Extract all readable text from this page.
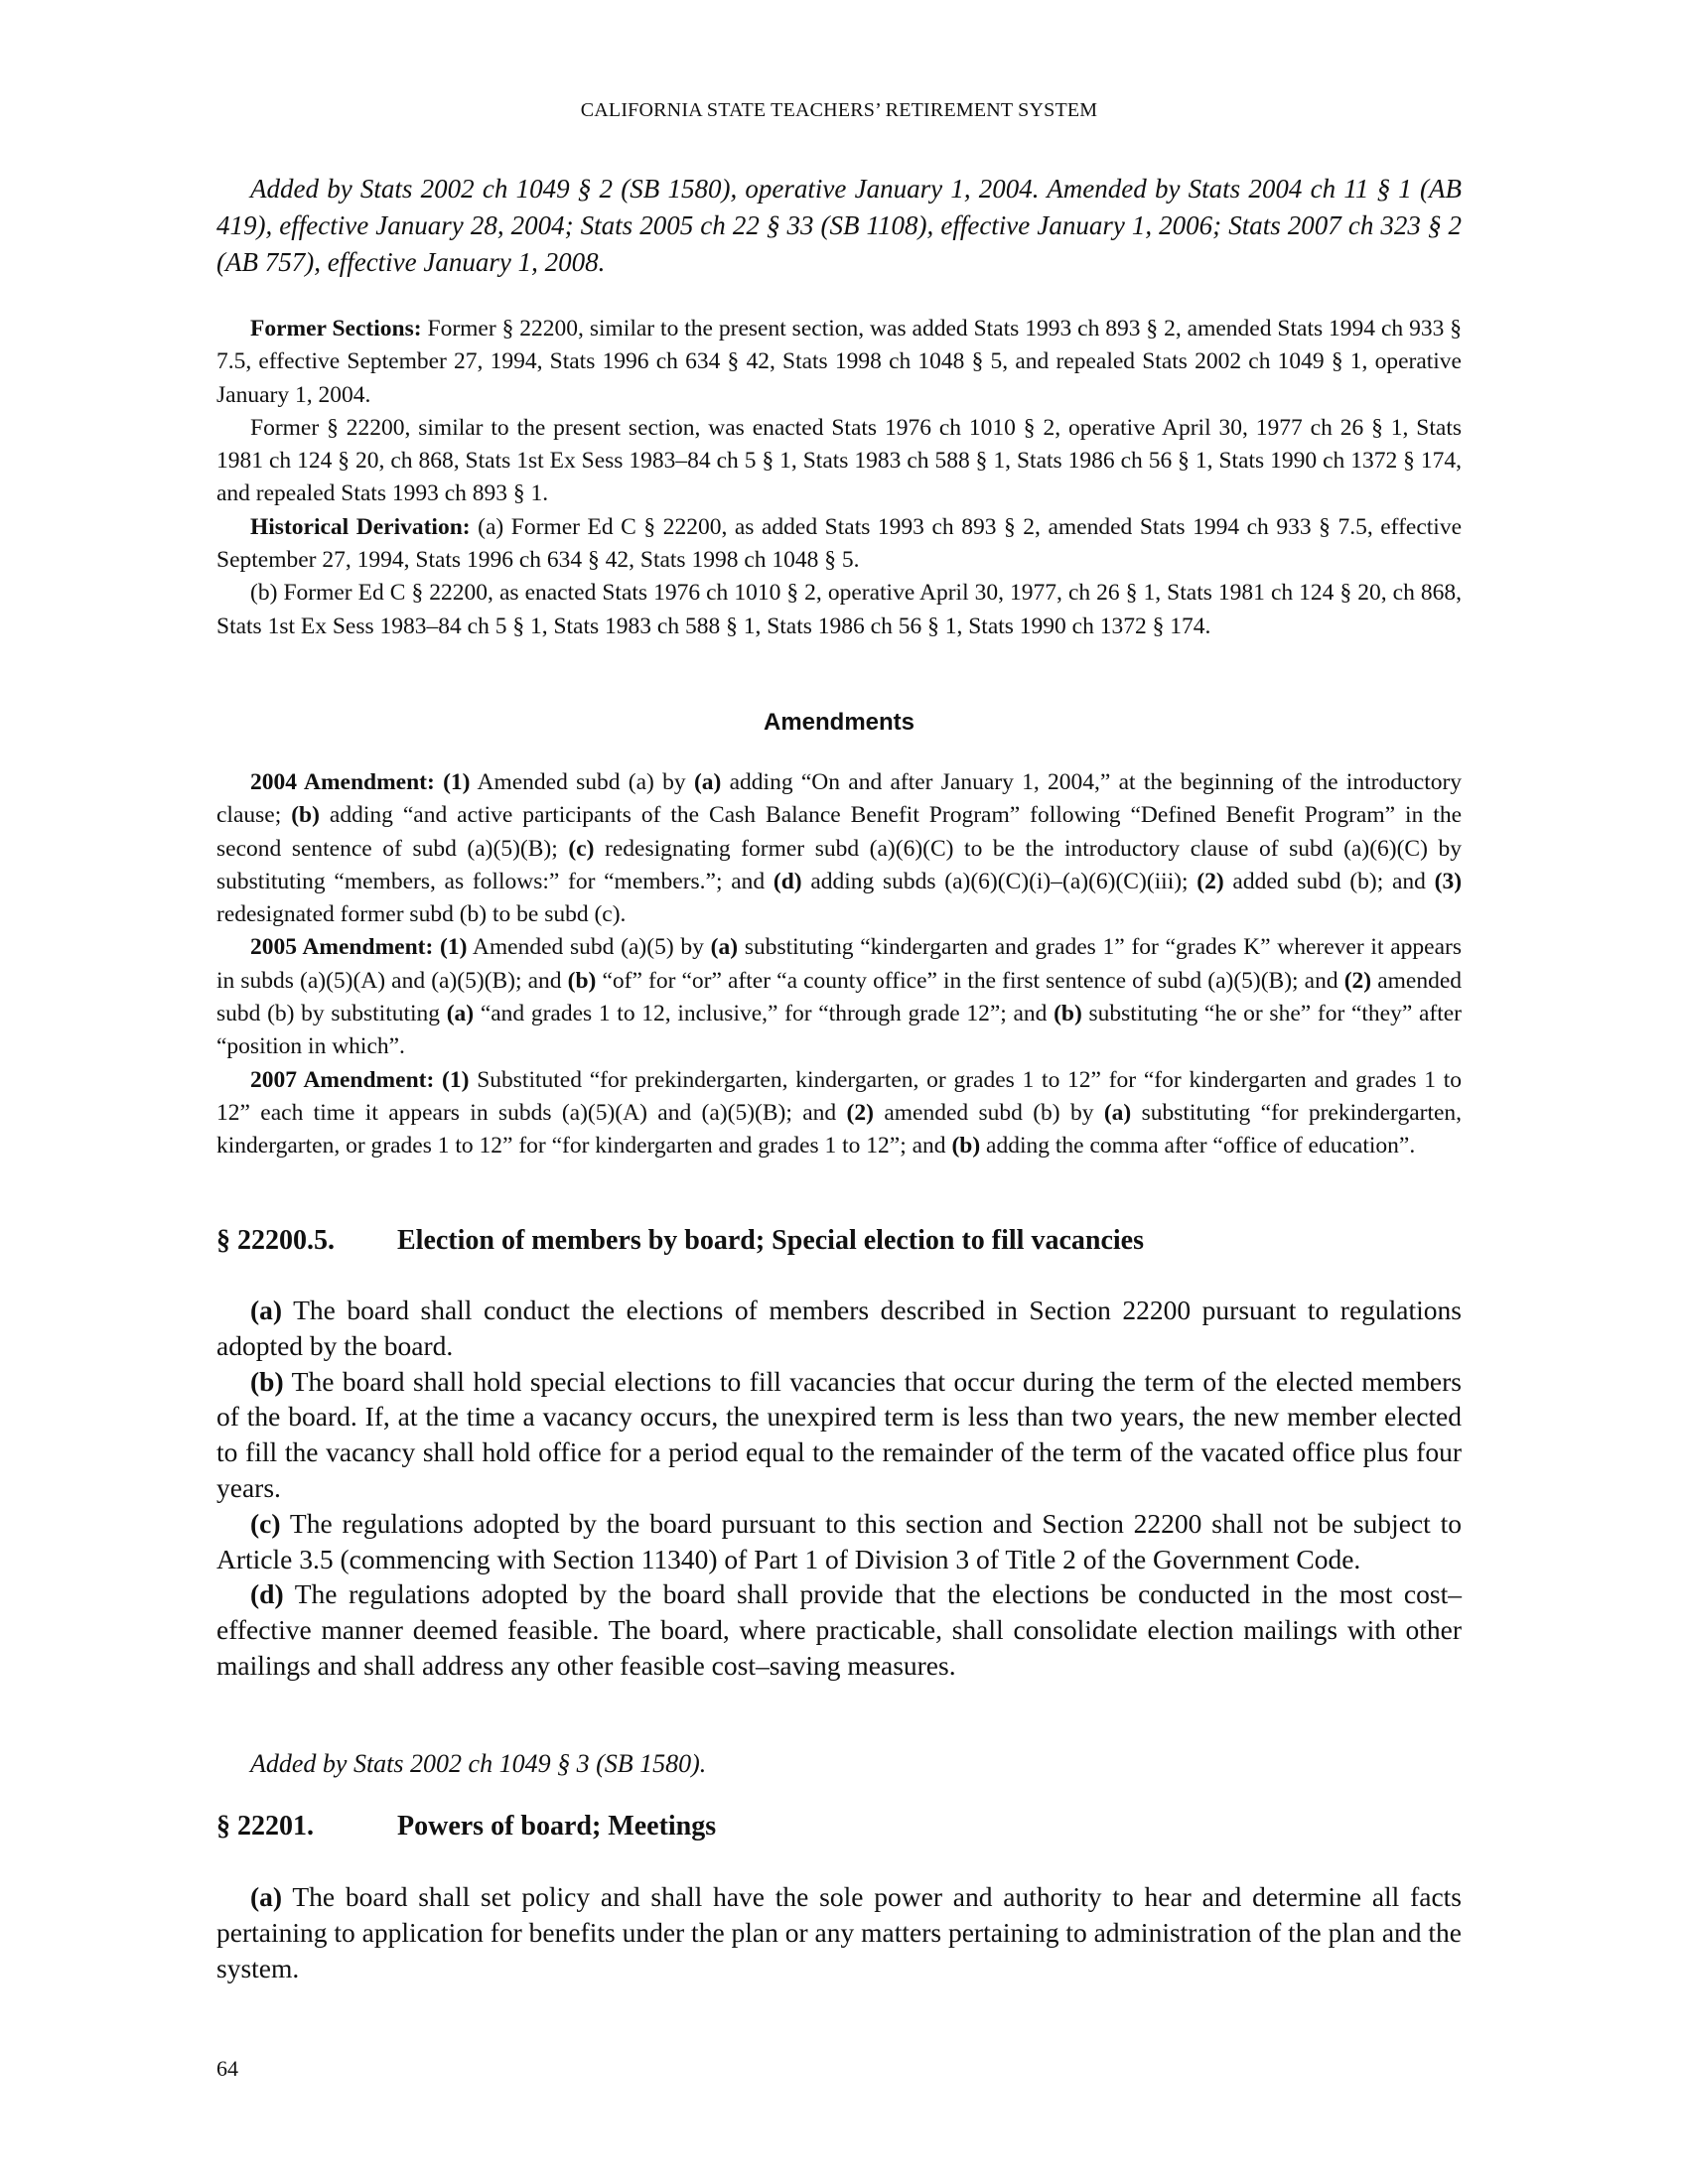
CALIFORNIA STATE TEACHERS’ RETIREMENT SYSTEM

Added by Stats 2002 ch 1049 § 2 (SB 1580), operative January 1, 2004. Amended by Stats 2004 ch 11 § 1 (AB 419), effective January 28, 2004; Stats 2005 ch 22 § 33 (SB 1108), effective January 1, 2006; Stats 2007 ch 323 § 2 (AB 757), effective January 1, 2008.

Former Sections: Former § 22200, similar to the present section, was added Stats 1993 ch 893 § 2, amended Stats 1994 ch 933 § 7.5, effective September 27, 1994, Stats 1996 ch 634 § 42, Stats 1998 ch 1048 § 5, and repealed Stats 2002 ch 1049 § 1, operative January 1, 2004.

Former § 22200, similar to the present section, was enacted Stats 1976 ch 1010 § 2, operative April 30, 1977 ch 26 § 1, Stats 1981 ch 124 § 20, ch 868, Stats 1st Ex Sess 1983–84 ch 5 § 1, Stats 1983 ch 588 § 1, Stats 1986 ch 56 § 1, Stats 1990 ch 1372 § 174, and repealed Stats 1993 ch 893 § 1.

Historical Derivation: (a) Former Ed C § 22200, as added Stats 1993 ch 893 § 2, amended Stats 1994 ch 933 § 7.5, effective September 27, 1994, Stats 1996 ch 634 § 42, Stats 1998 ch 1048 § 5.

(b) Former Ed C § 22200, as enacted Stats 1976 ch 1010 § 2, operative April 30, 1977, ch 26 § 1, Stats 1981 ch 124 § 20, ch 868, Stats 1st Ex Sess 1983–84 ch 5 § 1, Stats 1983 ch 588 § 1, Stats 1986 ch 56 § 1, Stats 1990 ch 1372 § 174.

Amendments

2004 Amendment: (1) Amended subd (a) by (a) adding “On and after January 1, 2004,” at the beginning of the introductory clause; (b) adding “and active participants of the Cash Balance Benefit Program” following “Defined Benefit Program” in the second sentence of subd (a)(5)(B); (c) redesignating former subd (a)(6)(C) to be the introductory clause of subd (a)(6)(C) by substituting “members, as follows:” for “members.”; and (d) adding subds (a)(6)(C)(i)–(a)(6)(C)(iii); (2) added subd (b); and (3) redesignated former subd (b) to be subd (c).

2005 Amendment: (1) Amended subd (a)(5) by (a) substituting “kindergarten and grades 1” for “grades K” wherever it appears in subds (a)(5)(A) and (a)(5)(B); and (b) “of” for “or” after “a county office” in the first sentence of subd (a)(5)(B); and (2) amended subd (b) by substituting (a) “and grades 1 to 12, inclusive,” for “through grade 12”; and (b) substituting “he or she” for “they” after “position in which”.

2007 Amendment: (1) Substituted “for prekindergarten, kindergarten, or grades 1 to 12” for “for kindergarten and grades 1 to 12” each time it appears in subds (a)(5)(A) and (a)(5)(B); and (2) amended subd (b) by (a) substituting “for prekindergarten, kindergarten, or grades 1 to 12” for “for kindergarten and grades 1 to 12”; and (b) adding the comma after “office of education”.

§ 22200.5. Election of members by board; Special election to fill vacancies

(a) The board shall conduct the elections of members described in Section 22200 pursuant to regulations adopted by the board.

(b) The board shall hold special elections to fill vacancies that occur during the term of the elected members of the board. If, at the time a vacancy occurs, the unexpired term is less than two years, the new member elected to fill the vacancy shall hold office for a period equal to the remainder of the term of the vacated office plus four years.

(c) The regulations adopted by the board pursuant to this section and Section 22200 shall not be subject to Article 3.5 (commencing with Section 11340) of Part 1 of Division 3 of Title 2 of the Government Code.

(d) The regulations adopted by the board shall provide that the elections be conducted in the most cost–effective manner deemed feasible. The board, where practicable, shall consolidate election mailings with other mailings and shall address any other feasible cost–saving measures.

Added by Stats 2002 ch 1049 § 3 (SB 1580).

§ 22201.	Powers of board; Meetings

(a) The board shall set policy and shall have the sole power and authority to hear and determine all facts pertaining to application for benefits under the plan or any matters pertaining to administration of the plan and the system.

64
